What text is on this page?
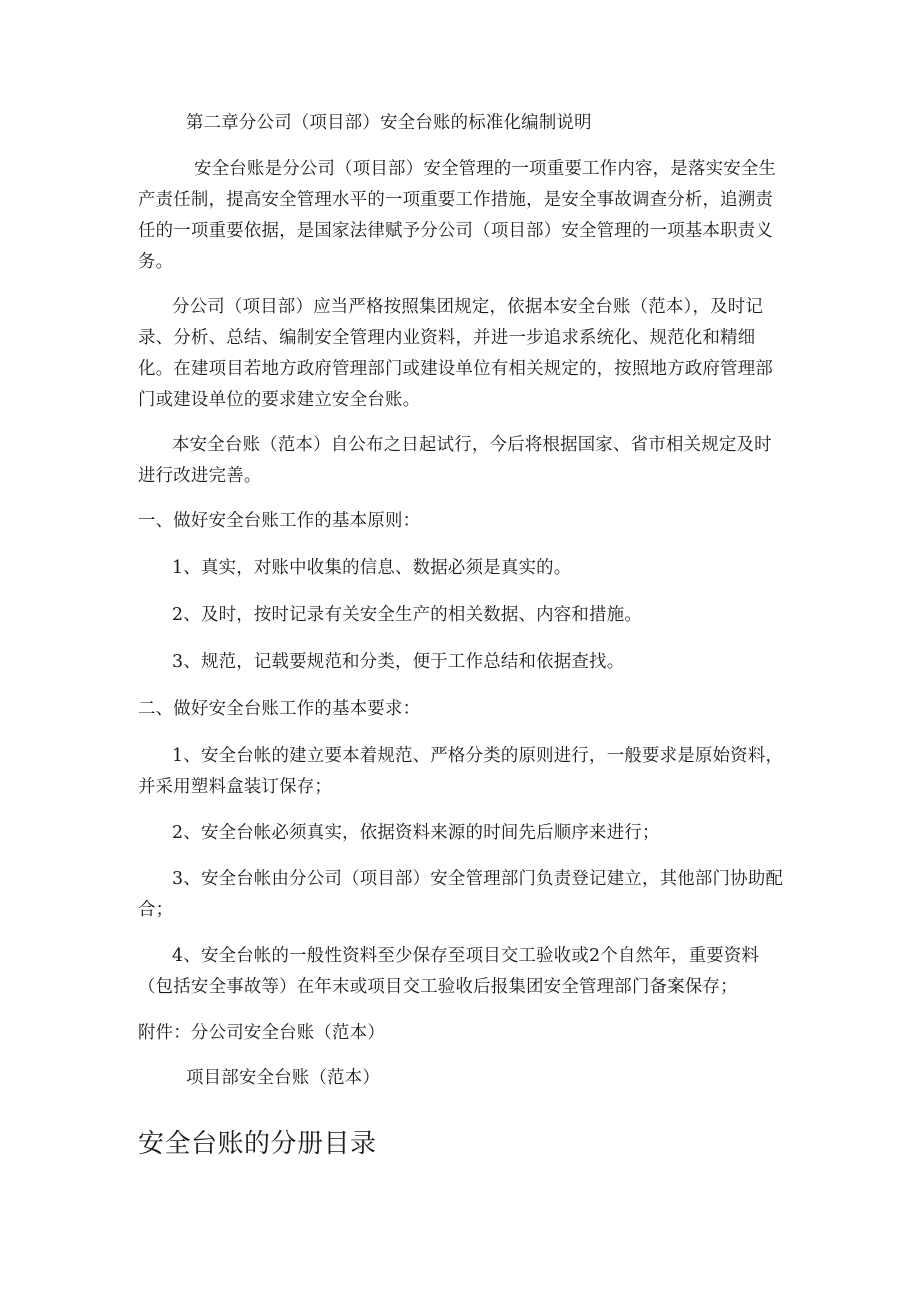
第二章分公司（项目部）安全台账的标准化编制说明

安全台账是分公司（项目部）安全管理的一项重要工作内容，是落实安全生产责任制，提高安全管理水平的一项重要工作措施，是安全事故调查分析，追溯责任的一项重要依据，是国家法律赋予分公司（项目部）安全管理的一项基本职责义务。

分公司（项目部）应当严格按照集团规定，依据本安全台账（范本），及时记录、分析、总结、编制安全管理内业资料，并进一步追求系统化、规范化和精细化。在建项目若地方政府管理部门或建设单位有相关规定的，按照地方政府管理部门或建设单位的要求建立安全台账。

本安全台账（范本）自公布之日起试行，今后将根据国家、省市相关规定及时进行改进完善。

一、做好安全台账工作的基本原则：

1、真实，对账中收集的信息、数据必须是真实的。

2、及时，按时记录有关安全生产的相关数据、内容和措施。

3、规范，记载要规范和分类，便于工作总结和依据查找。

二、做好安全台账工作的基本要求：

1、安全台帐的建立要本着规范、严格分类的原则进行，一般要求是原始资料，并采用塑料盒装订保存；

2、安全台帐必须真实，依据资料来源的时间先后顺序来进行；

3、安全台帐由分公司（项目部）安全管理部门负责登记建立，其他部门协助配合；

4、安全台帐的一般性资料至少保存至项目交工验收或2个自然年，重要资料（包括安全事故等）在年末或项目交工验收后报集团安全管理部门备案保存；

附件：分公司安全台账（范本）

项目部安全台账（范本）

安全台账的分册目录
